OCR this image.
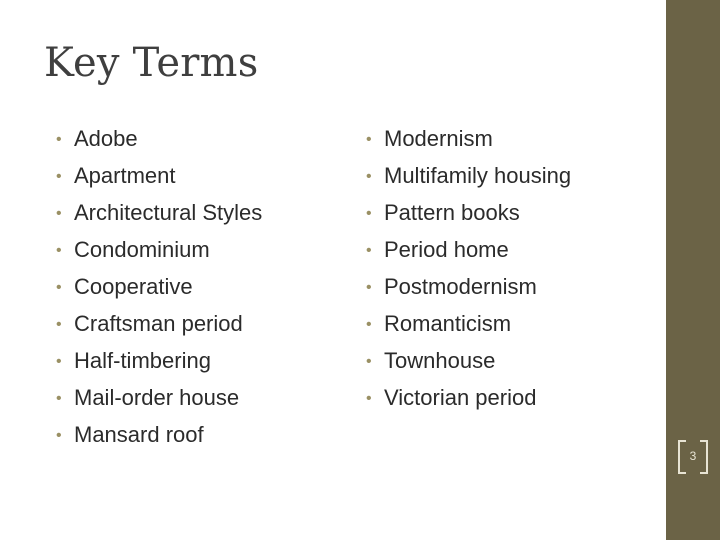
Key Terms
• Adobe
• Apartment
• Architectural Styles
• Condominium
• Cooperative
• Craftsman period
• Half-timbering
• Mail-order house
• Mansard roof
• Modernism
• Multifamily housing
• Pattern books
• Period home
• Postmodernism
• Romanticism
• Townhouse
• Victorian period
3
